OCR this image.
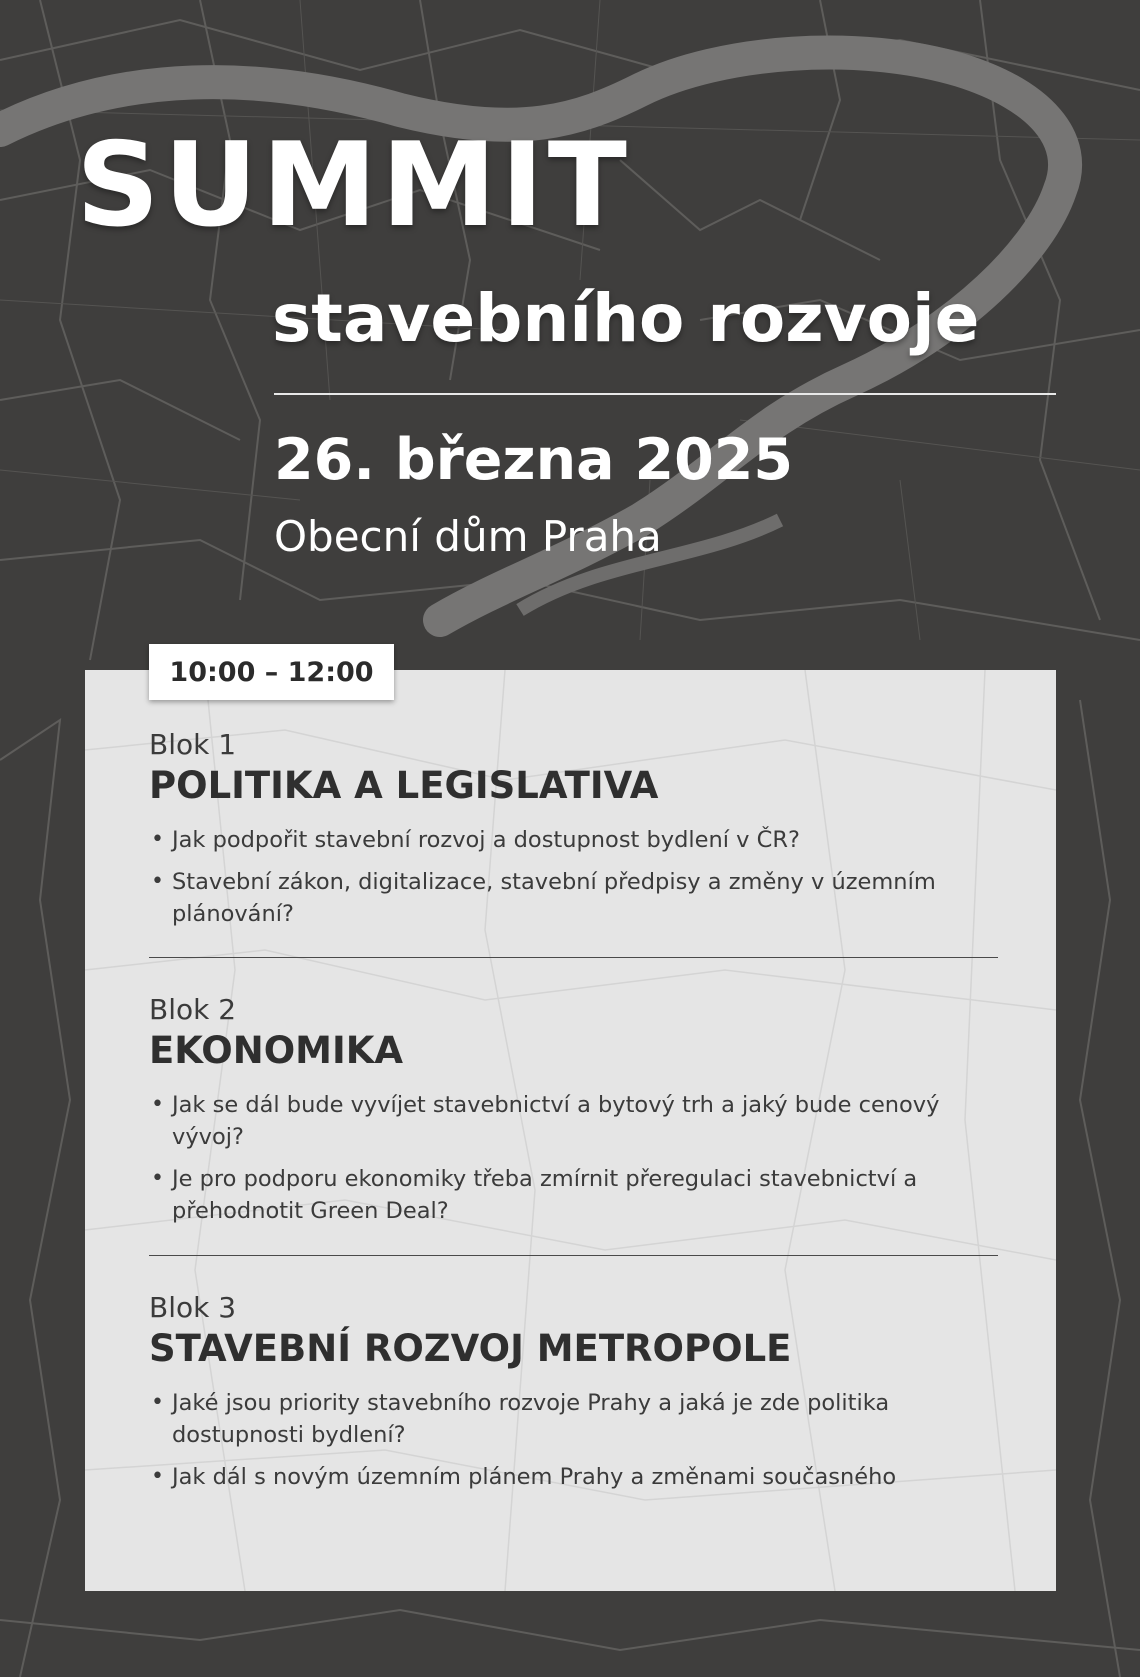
SUMMIT
stavebního rozvoje
26. března 2025
Obecní dům Praha
10:00 – 12:00
Blok 1
POLITIKA A LEGISLATIVA
• Jak podpořit stavební rozvoj a dostupnost bydlení v ČR?
• Stavební zákon, digitalizace, stavební předpisy a změny v územním plánování?
Blok 2
EKONOMIKA
• Jak se dál bude vyvíjet stavebnictví a bytový trh a jaký bude cenový vývoj?
• Je pro podporu ekonomiky třeba zmírnit přeregulaci stavebnictví a přehodnotit Green Deal?
Blok 3
STAVEBNÍ ROZVOJ METROPOLE
• Jaké jsou priority stavebního rozvoje Prahy a jaká je zde politika dostupnosti bydlení?
• Jak dál s novým územním plánem Prahy a změnami současného
